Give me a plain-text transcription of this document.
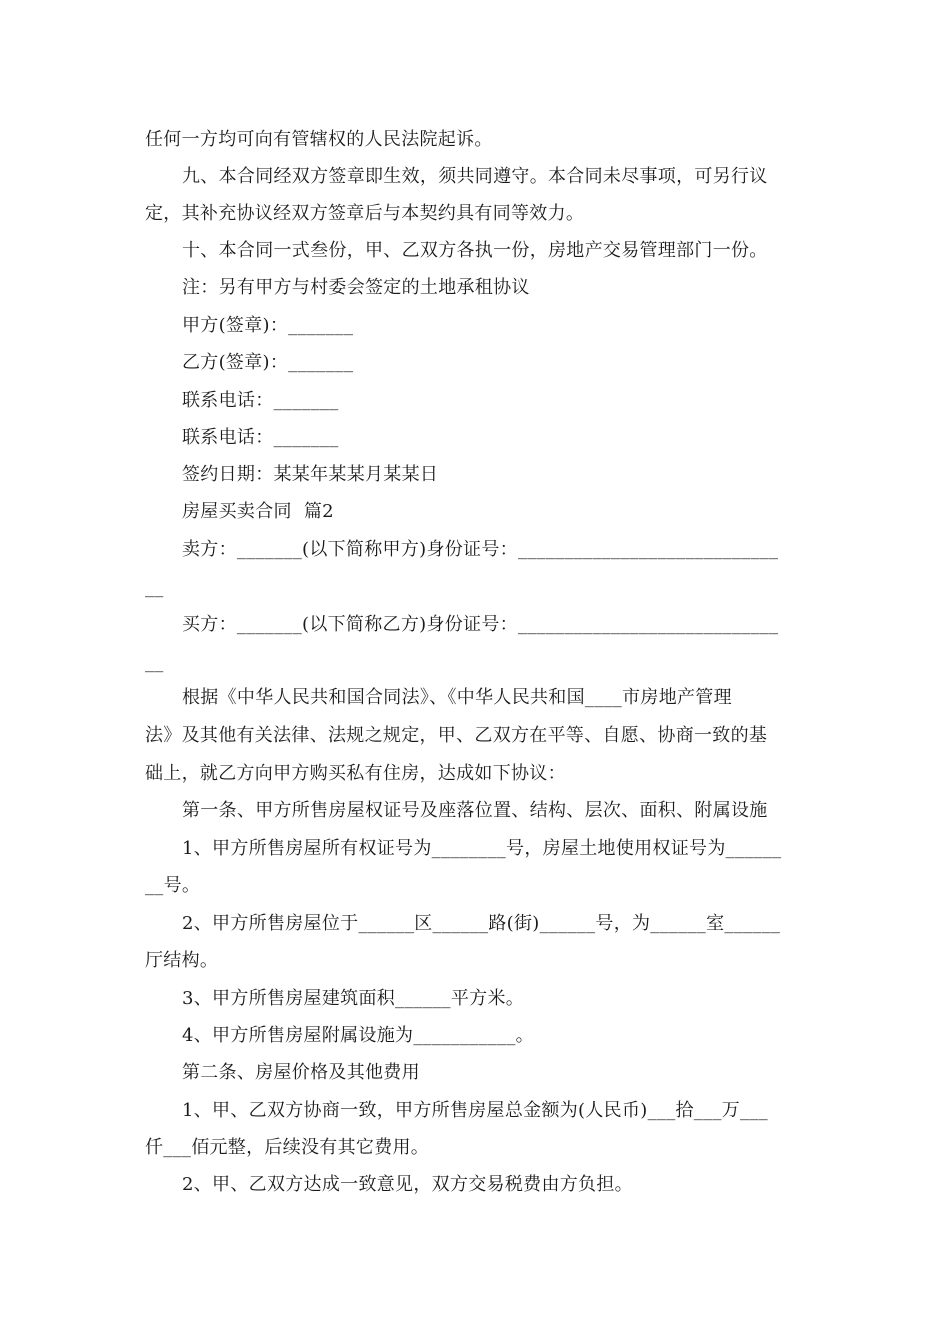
任何一方均可向有管辖权的人民法院起诉。
九、本合同经双方签章即生效，须共同遵守。本合同未尽事项，可另行议
定，其补充协议经双方签章后与本契约具有同等效力。
十、本合同一式叁份，甲、乙双方各执一份，房地产交易管理部门一份。
注：另有甲方与村委会签定的土地承租协议
甲方(签章)：_______
乙方(签章)：_______
联系电话：_______
联系电话：_______
签约日期：某某年某某月某某日
房屋买卖合同  篇2
卖方：_______(以下简称甲方)身份证号：____________________________
__
买方：_______(以下简称乙方)身份证号：____________________________
__
根据《中华人民共和国合同法》、《中华人民共和国____市房地产管理
法》及其他有关法律、法规之规定，甲、乙双方在平等、自愿、协商一致的基
础上，就乙方向甲方购买私有住房，达成如下协议：
第一条、甲方所售房屋权证号及座落位置、结构、层次、面积、附属设施
1、甲方所售房屋所有权证号为________号，房屋土地使用权证号为______
__号。
2、甲方所售房屋位于______区______路(街)______号，为______室______
厅结构。
3、甲方所售房屋建筑面积______平方米。
4、甲方所售房屋附属设施为___________。
第二条、房屋价格及其他费用
1、甲、乙双方协商一致，甲方所售房屋总金额为(人民币)___拾___万___
仟___佰元整，后续没有其它费用。
2、甲、乙双方达成一致意见，双方交易税费由方负担。
